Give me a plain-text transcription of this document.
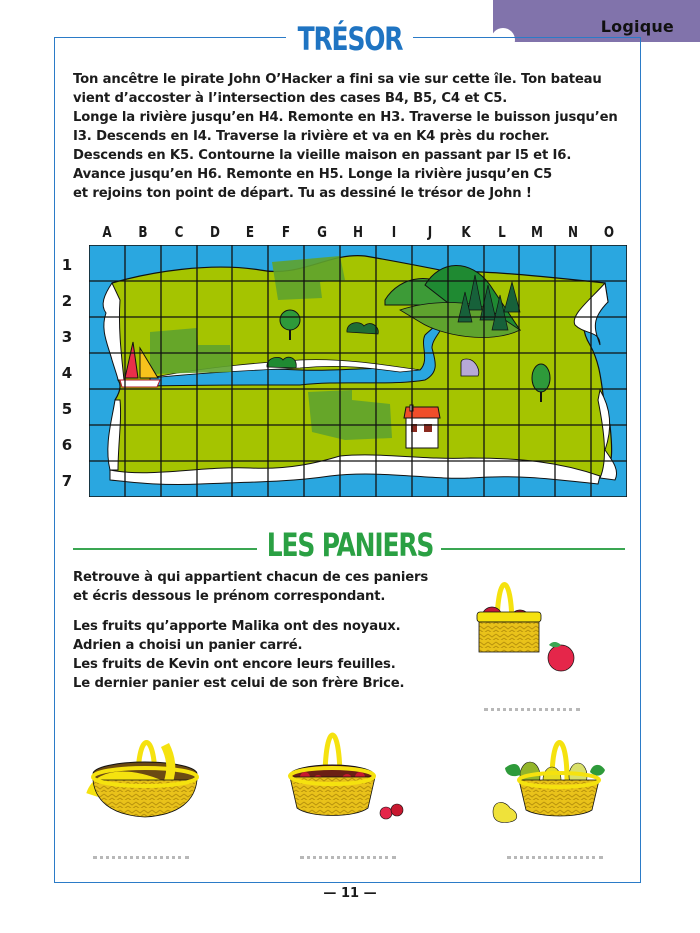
Logique
TRÉSOR
Ton ancêtre le pirate John O’Hacker a fini sa vie sur cette île. Ton bateau
vient d’accoster à l’intersection des cases B4, B5, C4 et C5.
Longe la rivière jusqu’en H4. Remonte en H3. Traverse le buisson jusqu’en
I3. Descends en I4. Traverse la rivière et va en K4 près du rocher.
Descends en K5. Contourne la vieille maison en passant par I5 et I6.
Avance jusqu’en H6. Remonte en H5. Longe la rivière jusqu’en C5
et rejoins ton point de départ. Tu as dessiné le trésor de John !
A	B	C	D	E	F	G	H	I	J	K	L	M	N	O
1
2
3
4
5
6
7
LES PANIERS
Retrouve à qui appartient chacun de ces paniers
et écris dessous le prénom correspondant.
Les fruits qu’apporte Malika ont des noyaux.
Adrien a choisi un panier carré.
Les fruits de Kevin ont encore leurs feuilles.
Le dernier panier est celui de son frère Brice.
— 11 —
